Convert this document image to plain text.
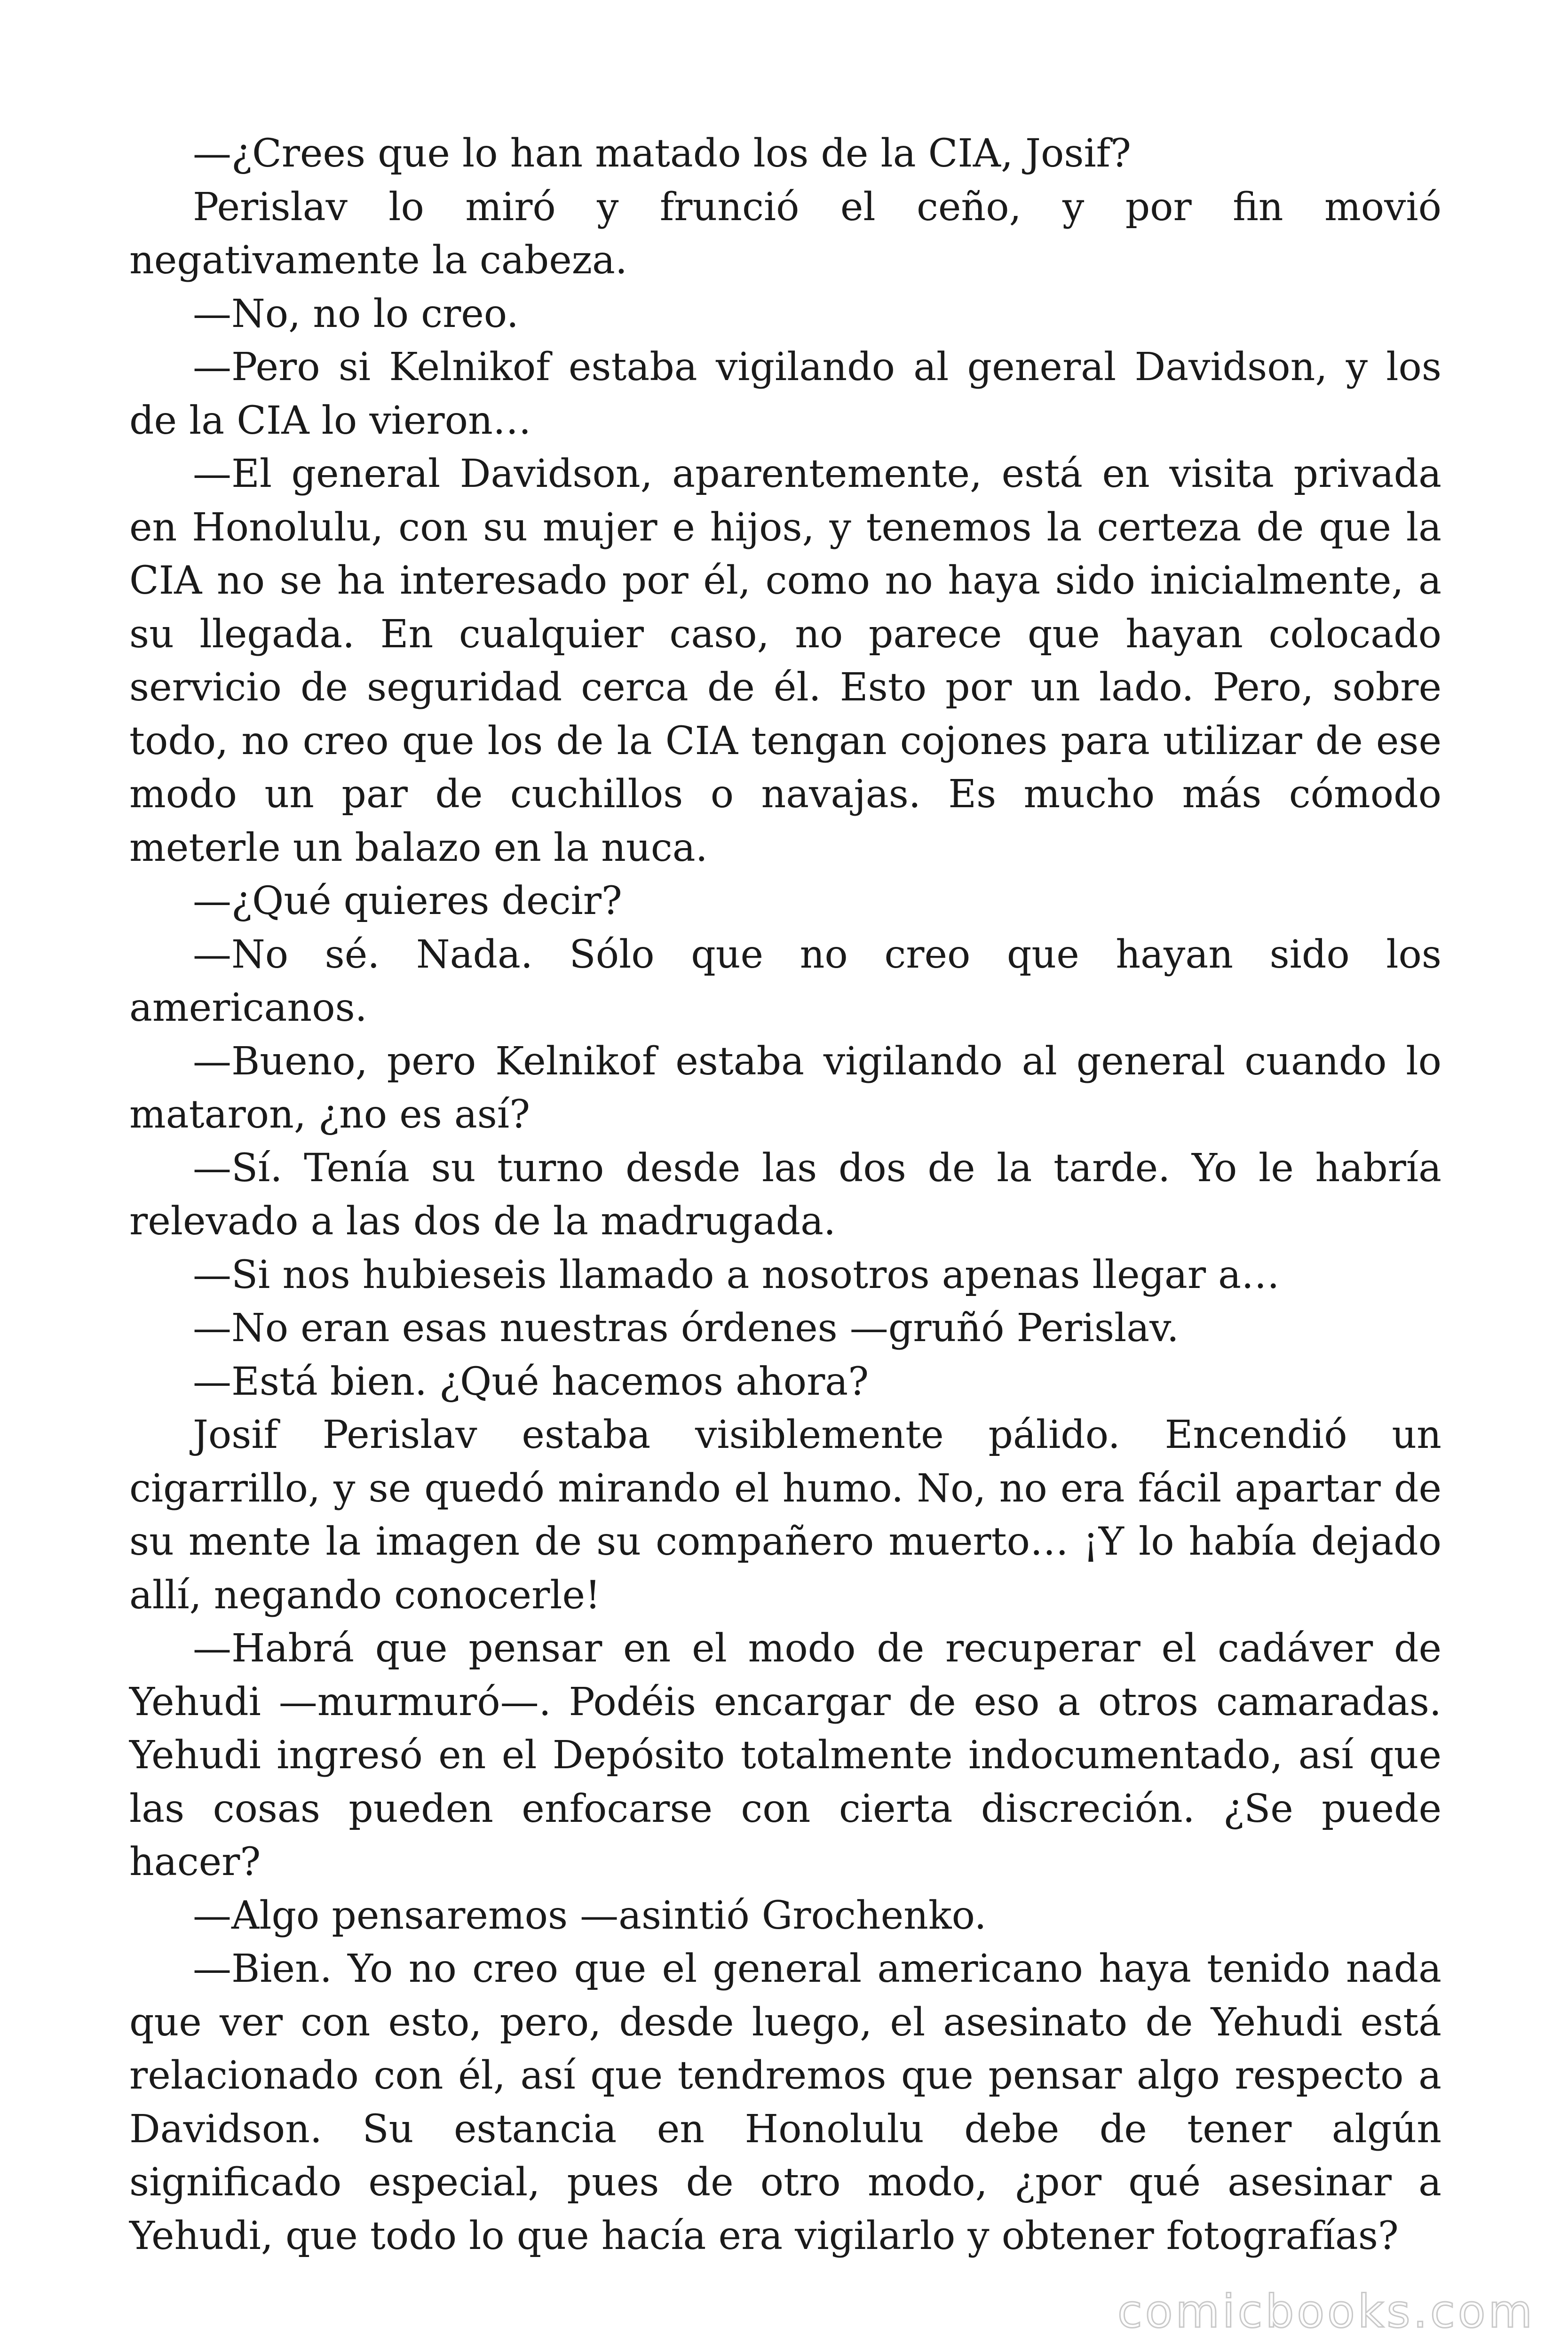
—¿Crees que lo han matado los de la CIA, Josif?

Perislav lo miró y frunció el ceño, y por fin movió negativamente la cabeza.

—No, no lo creo.

—Pero si Kelnikof estaba vigilando al general Davidson, y los de la CIA lo vieron…

—El general Davidson, aparentemente, está en visita privada en Honolulu, con su mujer e hijos, y tenemos la certeza de que la CIA no se ha interesado por él, como no haya sido inicialmente, a su llegada. En cualquier caso, no parece que hayan colocado servicio de seguridad cerca de él. Esto por un lado. Pero, sobre todo, no creo que los de la CIA tengan cojones para utilizar de ese modo un par de cuchillos o navajas. Es mucho más cómodo meterle un balazo en la nuca.

—¿Qué quieres decir?

—No sé. Nada. Sólo que no creo que hayan sido los americanos.

—Bueno, pero Kelnikof estaba vigilando al general cuando lo mataron, ¿no es así?

—Sí. Tenía su turno desde las dos de la tarde. Yo le habría relevado a las dos de la madrugada.

—Si nos hubieseis llamado a nosotros apenas llegar a…

—No eran esas nuestras órdenes —gruñó Perislav.

—Está bien. ¿Qué hacemos ahora?

Josif Perislav estaba visiblemente pálido. Encendió un cigarrillo, y se quedó mirando el humo. No, no era fácil apartar de su mente la imagen de su compañero muerto… ¡Y lo había dejado allí, negando conocerle!

—Habrá que pensar en el modo de recuperar el cadáver de Yehudi —murmuró—. Podéis encargar de eso a otros camaradas. Yehudi ingresó en el Depósito totalmente indocumentado, así que las cosas pueden enfocarse con cierta discreción. ¿Se puede hacer?

—Algo pensaremos —asintió Grochenko.

—Bien. Yo no creo que el general americano haya tenido nada que ver con esto, pero, desde luego, el asesinato de Yehudi está relacionado con él, así que tendremos que pensar algo respecto a Davidson. Su estancia en Honolulu debe de tener algún significado especial, pues de otro modo, ¿por qué asesinar a Yehudi, que todo lo que hacía era vigilarlo y obtener fotografías?

comicbooks.com
